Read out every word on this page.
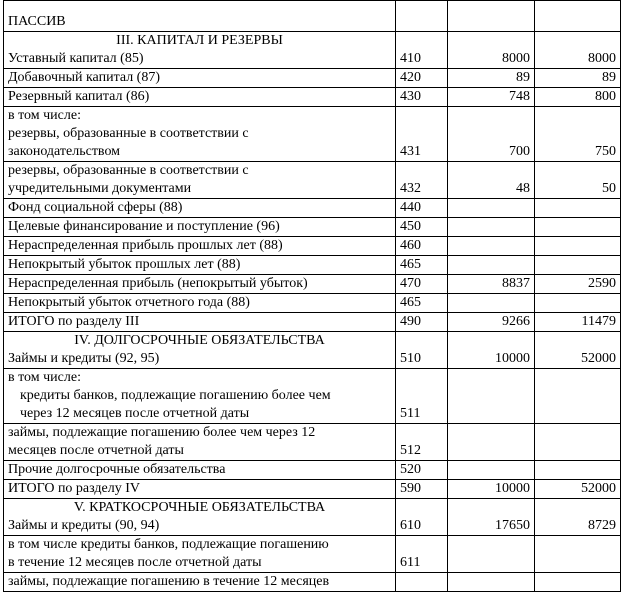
ПАССИВ			

III. КАПИТАЛ И РЕЗЕРВЫ
Уставный капитал (85)	410	8000	8000
Добавочный капитал (87)	420	89	89
Резервный капитал (86)	430	748	800

в том числе:
резервы, образованные в соответствии с
законодательством	431	700	750

резервы, образованные в соответствии с
учредительными документами	432	48	50
Фонд социальной сферы (88)	440		
Целевые финансирование и поступление (96)	450		
Нераспределенная прибыль прошлых лет (88)	460		
Непокрытый убыток прошлых лет (88)	465		
Нераспределенная прибыль (непокрытый убыток)	470	8837	2590
Непокрытый убыток отчетного года (88)	465		
ИТОГО по разделу III	490	9266	11479

IV. ДОЛГОСРОЧНЫЕ ОБЯЗАТЕЛЬСТВА
Займы и кредиты (92, 95)	510	10000	52000

в том числе:
кредиты банков, подлежащие погашению более чем
через 12 месяцев после отчетной даты	511		

займы, подлежащие погашению более чем через 12
месяцев после отчетной даты	512		
Прочие долгосрочные обязательства	520		
ИТОГО по разделу IV	590	10000	52000

V. КРАТКОСРОЧНЫЕ ОБЯЗАТЕЛЬСТВА
Займы и кредиты (90, 94)	610	17650	8729

в том числе кредиты банков, подлежащие погашению
в течение 12 месяцев после отчетной даты	611		
займы, подлежащие погашению в течение 12 месяцев			
